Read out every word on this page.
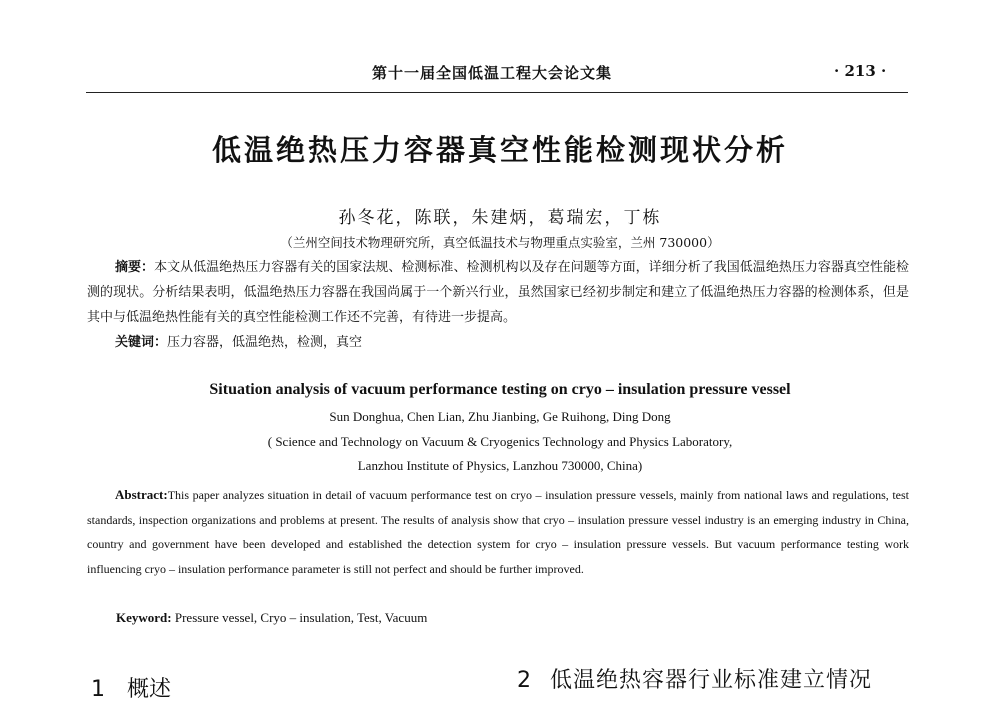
第十一届全国低温工程大会论文集	· 213 ·
低温绝热压力容器真空性能检测现状分析
孙冬花，陈联，朱建炳，葛瑞宏，丁栋
（兰州空间技术物理研究所，真空低温技术与物理重点实验室，兰州 730000）
摘要：本文从低温绝热压力容器有关的国家法规、检测标准、检测机构以及存在问题等方面，详细分析了我国低温绝热压力容器真空性能检测的现状。分析结果表明，低温绝热压力容器在我国尚属于一个新兴行业，虽然国家已经初步制定和建立了低温绝热压力容器的检测体系，但是其中与低温绝热性能有关的真空性能检测工作还不完善，有待进一步提高。
关键词：压力容器，低温绝热，检测，真空
Situation analysis of vacuum performance testing on cryo – insulation pressure vessel
Sun Donghua, Chen Lian, Zhu Jianbing, Ge Ruihong, Ding Dong
( Science and Technology on Vacuum & Cryogenics Technology and Physics Laboratory,
Lanzhou Institute of Physics, Lanzhou 730000, China)
Abstract:This paper analyzes situation in detail of vacuum performance test on cryo – insulation pressure vessels, mainly from national laws and regulations, test standards, inspection organizations and problems at present. The results of analysis show that cryo – insulation pressure vessel industry is an emerging industry in China, country and government have been developed and established the detection system for cryo – insulation pressure vessels. But vacuum performance testing work influencing cryo – insulation performance parameter is still not perfect and should be further improved.
Keyword: Pressure vessel, Cryo – insulation, Test, Vacuum
1 概述	2 低温绝热容器行业标准建立情况
